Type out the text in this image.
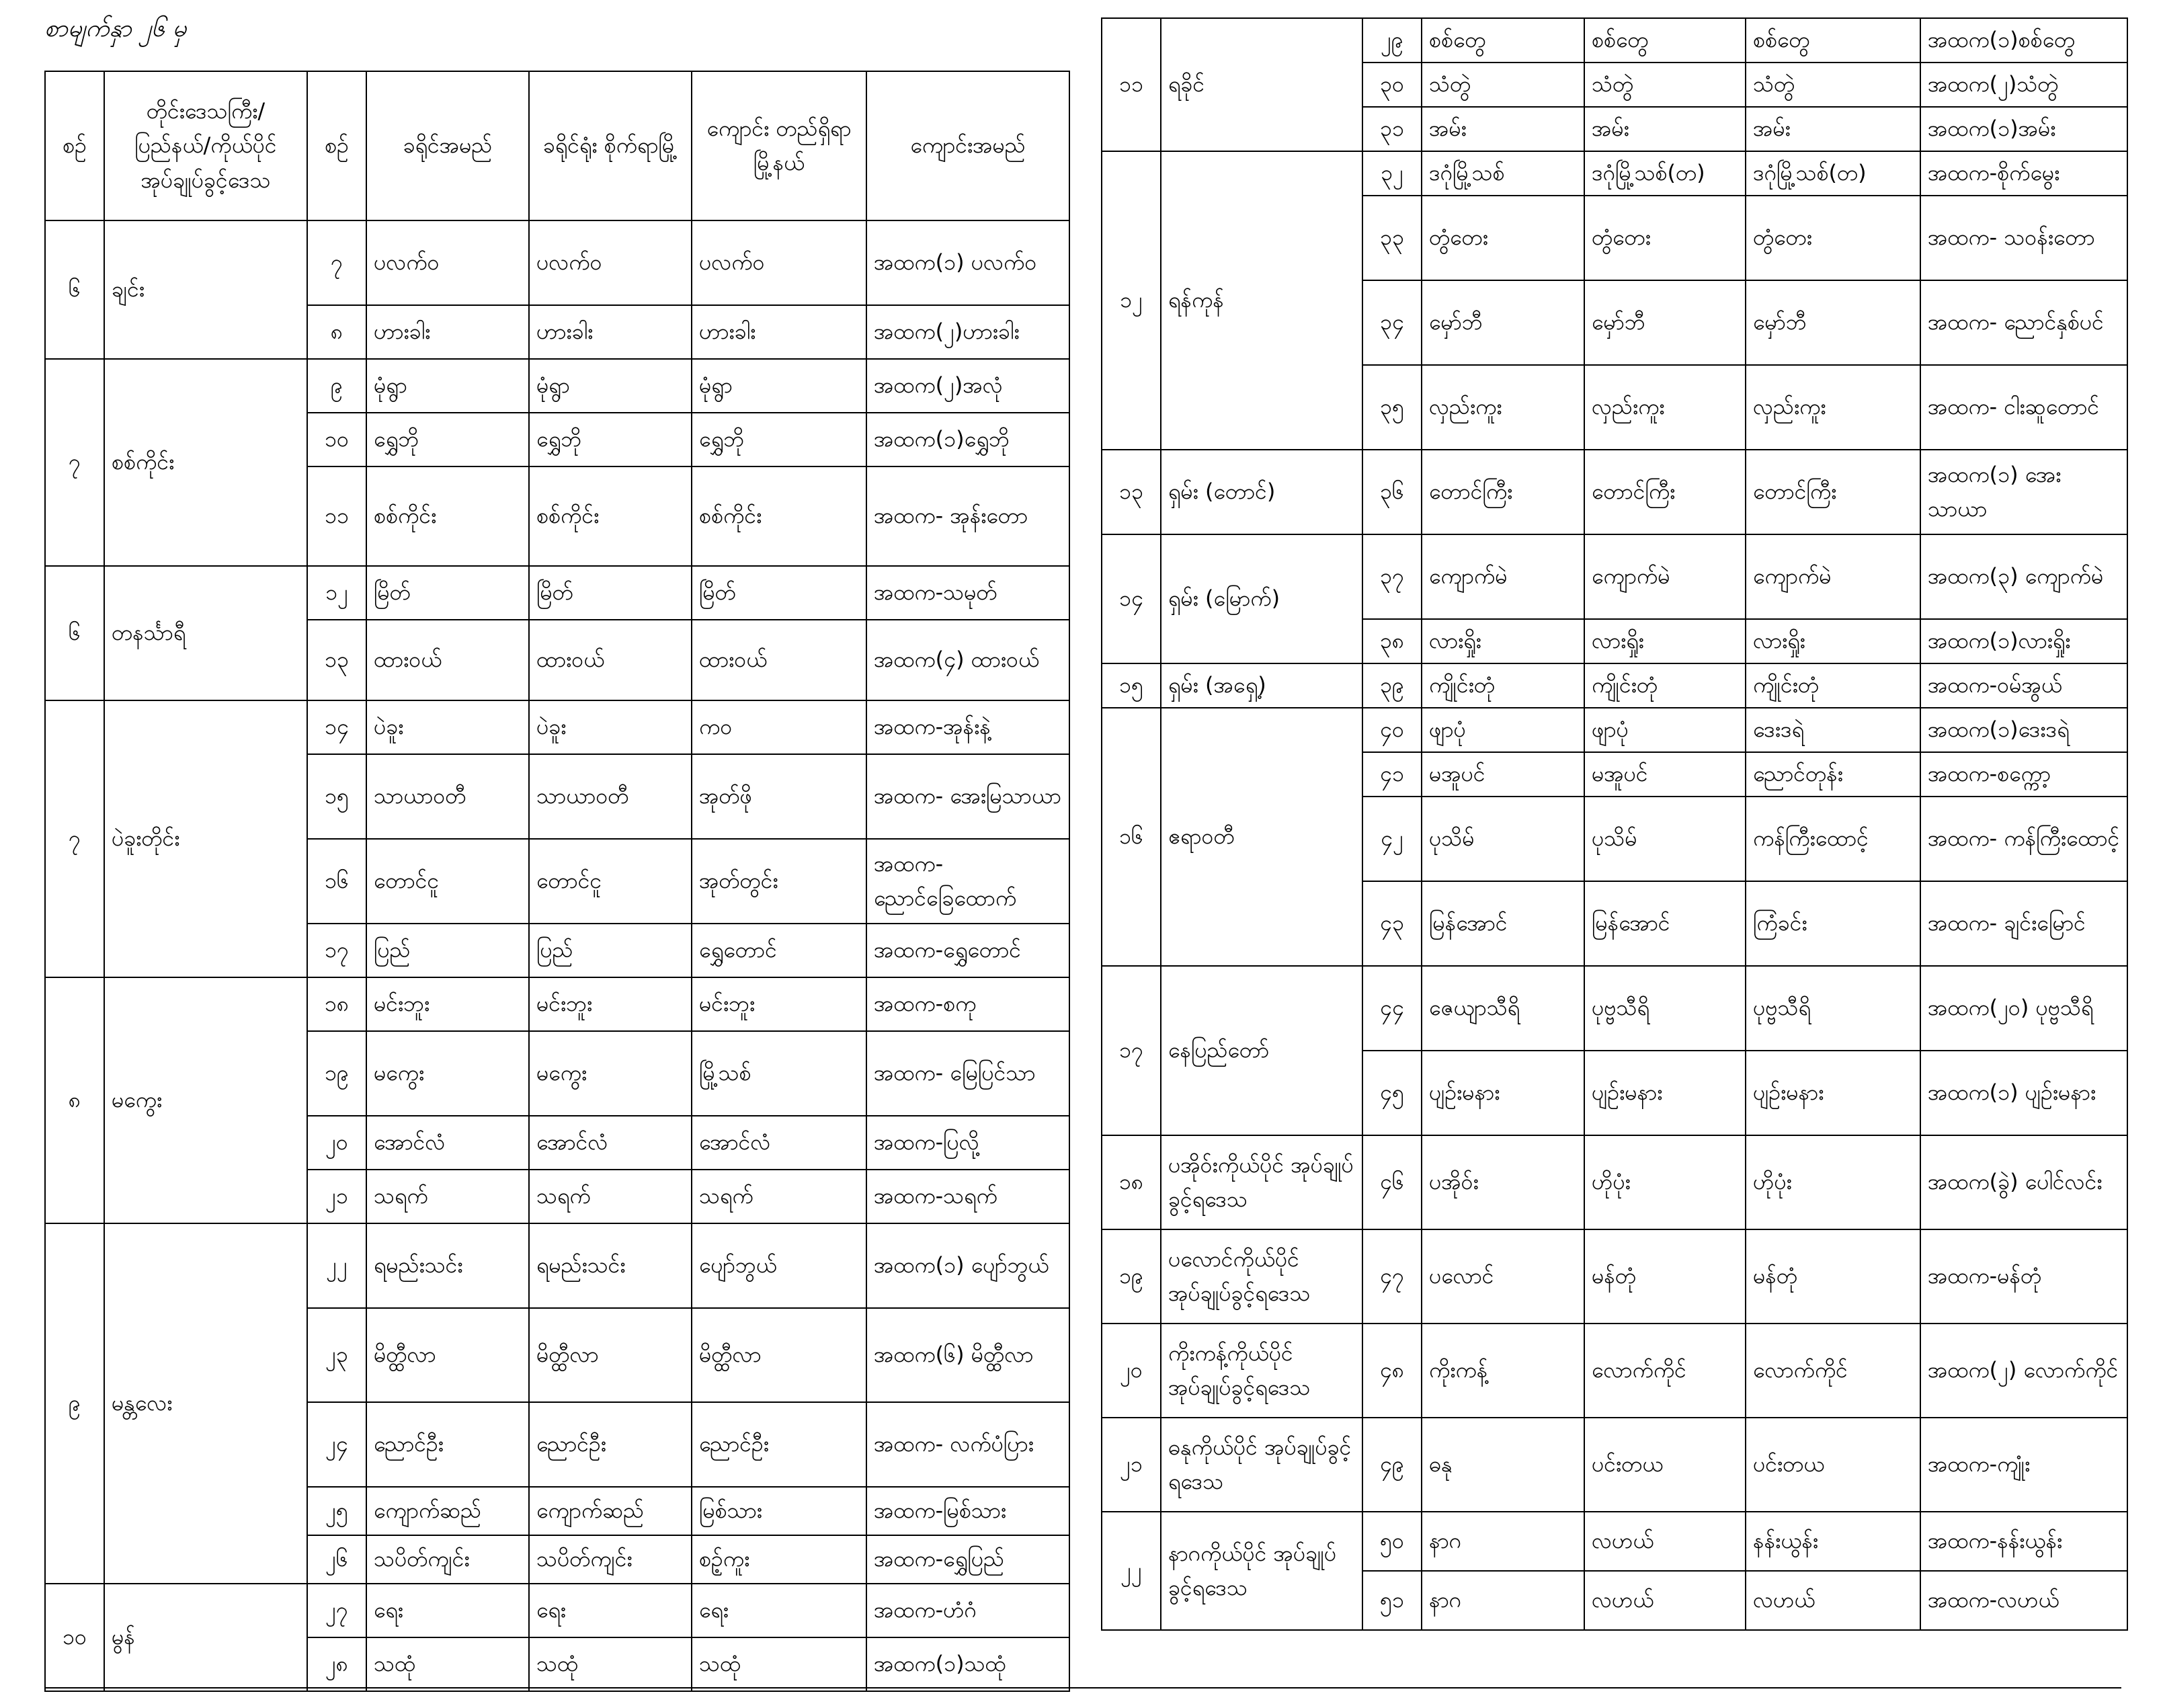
စာမျက်နှာ ၂၆ မှ
စဉ်	တိုင်းဒေသကြီး/ ပြည်နယ်/ကိုယ်ပိုင် အုပ်ချုပ်ခွင့်ဒေသ	စဉ်	ခရိုင်အမည်	ခရိုင်ရုံး စိုက်ရာမြို့	ကျောင်း တည်ရှိရာ မြို့နယ်	ကျောင်းအမည်
၆	ချင်း	၇	ပလက်ဝ	ပလက်ဝ	ပလက်ဝ	အထက(၁) ပလက်ဝ
		၈	ဟားခါး	ဟားခါး	ဟားခါး	အထက(၂)ဟားခါး
၇	စစ်ကိုင်း	၉	မုံရွာ	မုံရွာ	မုံရွာ	အထက(၂)အလုံ
		၁၀	ရွှေဘို	ရွှေဘို	ရွှေဘို	အထက(၁)ရွှေဘို
		၁၁	စစ်ကိုင်း	စစ်ကိုင်း	စစ်ကိုင်း	အထက- အုန်းတော
၆	တနင်္သာရီ	၁၂	မြိတ်	မြိတ်	မြိတ်	အထက-သမုတ်
		၁၃	ထားဝယ်	ထားဝယ်	ထားဝယ်	အထက(၄) ထားဝယ်
၇	ပဲခူးတိုင်း	၁၄	ပဲခူး	ပဲခူး	ကဝ	အထက-အုန်းနဲ့
		၁၅	သာယာဝတီ	သာယာဝတီ	အုတ်ဖို	အထက- အေးမြသာယာ
		၁၆	တောင်ငူ	တောင်ငူ	အုတ်တွင်း	အထက- ညောင်ခြေထောက်
		၁၇	ပြည်	ပြည်	ရွှေတောင်	အထက-ရွှေတောင်
၈	မကွေး	၁၈	မင်းဘူး	မင်းဘူး	မင်းဘူး	အထက-စကု
		၁၉	မကွေး	မကွေး	မြို့သစ်	အထက- မြေပြင်သာ
		၂၀	အောင်လံ	အောင်လံ	အောင်လံ	အထက-ပြလို့
		၂၁	သရက်	သရက်	သရက်	အထက-သရက်
၉	မန္တလေး	၂၂	ရမည်းသင်း	ရမည်းသင်း	ပျော်ဘွယ်	အထက(၁) ပျော်ဘွယ်
		၂၃	မိတ္ထီလာ	မိတ္ထီလာ	မိတ္ထီလာ	အထက(၆) မိတ္ထီလာ
		၂၄	ညောင်ဦး	ညောင်ဦး	ညောင်ဦး	အထက- လက်ပံပြား
		၂၅	ကျောက်ဆည်	ကျောက်ဆည်	မြစ်သား	အထက-မြစ်သား
		၂၆	သပိတ်ကျင်း	သပိတ်ကျင်း	စဥ့်ကူး	အထက-ရွှေပြည်
၁၀	မွန်	၂၇	ရေး	ရေး	ရေး	အထက-ဟံဂံ
		၂၈	သထုံ	သထုံ	သထုံ	အထက(၁)သထုံ
၁၁	ရခိုင်	၂၉	စစ်တွေ	စစ်တွေ	စစ်တွေ	အထက(၁)စစ်တွေ
		၃၀	သံတွဲ	သံတွဲ	သံတွဲ	အထက(၂)သံတွဲ
		၃၁	အမ်း	အမ်း	အမ်း	အထက(၁)အမ်း
၁၂	ရန်ကုန်	၃၂	ဒဂုံမြို့သစ်	ဒဂုံမြို့သစ်(တ)	ဒဂုံမြို့သစ်(တ)	အထက-စိုက်မွေး
		၃၃	တွံတေး	တွံတေး	တွံတေး	အထက- သဝန်းတော
		၃၄	မှော်ဘီ	မှော်ဘီ	မှော်ဘီ	အထက- ညောင်နှစ်ပင်
		၃၅	လှည်းကူး	လှည်းကူး	လှည်းကူး	အထက- ငါးဆူတောင်
၁၃	ရှမ်း (တောင်)	၃၆	တောင်ကြီး	တောင်ကြီး	တောင်ကြီး	အထက(၁) အေးသာယာ
၁၄	ရှမ်း (မြောက်)	၃၇	ကျောက်မဲ	ကျောက်မဲ	ကျောက်မဲ	အထက(၃) ကျောက်မဲ
		၃၈	လားရှိုး	လားရှိုး	လားရှိုး	အထက(၁)လားရှိုး
၁၅	ရှမ်း (အရှေ့)	၃၉	ကျိုင်းတုံ	ကျိုင်းတုံ	ကျိုင်းတုံ	အထက-ဝမ်အွယ်
၁၆	ဧရာဝတီ	၄၀	ဖျာပုံ	ဖျာပုံ	ဒေးဒရဲ	အထက(၁)ဒေးဒရဲ
		၄၁	မအူပင်	မအူပင်	ညောင်တုန်း	အထက-စက္ကော့
		၄၂	ပုသိမ်	ပုသိမ်	ကန်ကြီးထောင့်	အထက- ကန်ကြီးထောင့်
		၄၃	မြန်အောင်	မြန်အောင်	ကြံခင်း	အထက- ချင်းမြောင်
၁၇	နေပြည်တော်	၄၄	ဇေယျာသီရိ	ပုဗ္ဗသီရိ	ပုဗ္ဗသီရိ	အထက(၂၀) ပုဗ္ဗသီရိ
		၄၅	ပျဉ်းမနား	ပျဉ်းမနား	ပျဉ်းမနား	အထက(၁) ပျဉ်းမနား
၁၈	ပအိုဝ်းကိုယ်ပိုင် အုပ်ချုပ်ခွင့်ရဒေသ	၄၆	ပအိုဝ်း	ဟိုပုံး	ဟိုပုံး	အထက(ခွဲ) ပေါင်လင်း
၁၉	ပလောင်ကိုယ်ပိုင် အုပ်ချုပ်ခွင့်ရဒေသ	၄၇	ပလောင်	မန်တုံ	မန်တုံ	အထက-မန်တုံ
၂၀	ကိုးကန့်ကိုယ်ပိုင် အုပ်ချုပ်ခွင့်ရဒေသ	၄၈	ကိုးကန့်	လောက်ကိုင်	လောက်ကိုင်	အထက(၂) လောက်ကိုင်
၂၁	ဓနုကိုယ်ပိုင် အုပ်ချုပ်ခွင့်ရဒေသ	၄၉	ဓနု	ပင်းတယ	ပင်းတယ	အထက-ကျုံး
၂၂	နာဂကိုယ်ပိုင် အုပ်ချုပ်ခွင့်ရဒေသ	၅၀	နာဂ	လဟယ်	နန်းယွန်း	အထက-နန်းယွန်း
		၅၁	နာဂ	လဟယ်	လဟယ်	အထက-လဟယ်
